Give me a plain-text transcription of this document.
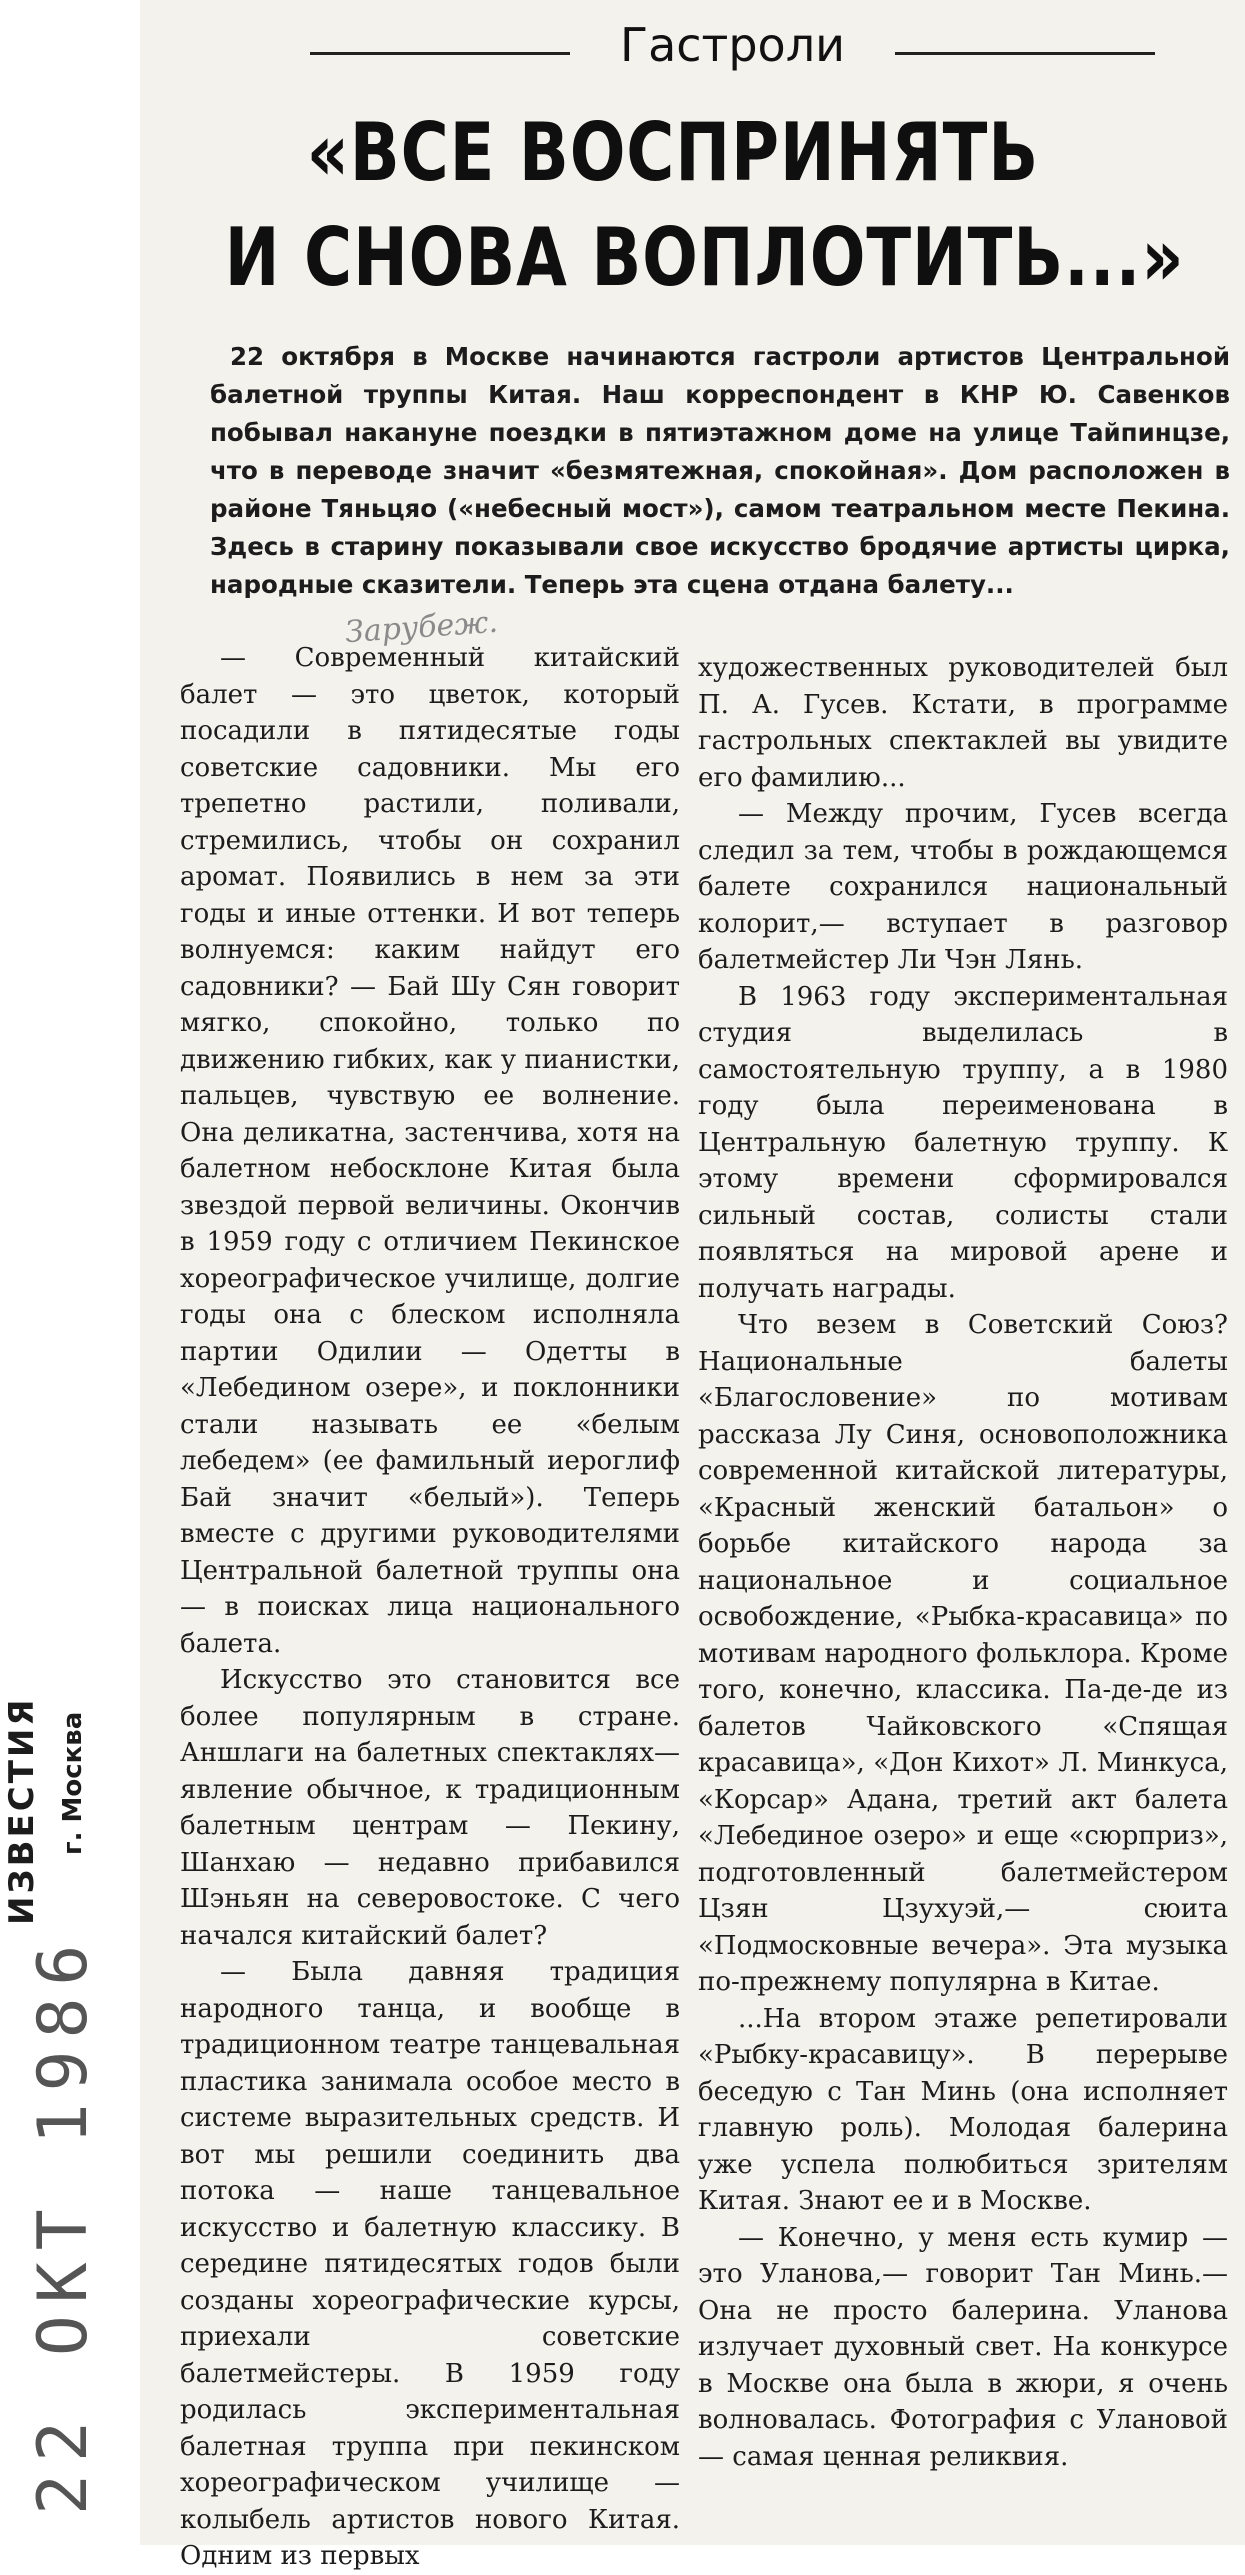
Гастроли
«ВСЕ ВОСПРИНЯТЬ
И СНОВА ВОПЛОТИТЬ...»
22 октября в Москве начинаются гастроли артистов Центральной балетной труппы Китая. Наш корреспондент в КНР Ю. Савенков побывал накануне поездки в пятиэтажном доме на улице Тайпинцзе, что в переводе значит «безмятежная, спокойная». Дом расположен в районе Тяньцяо («небесный мост»), самом театральном месте Пекина. Здесь в старину показывали свое искусство бродячие артисты цирка, народные сказители. Теперь эта сцена отдана балету...
Зарубеж.

— Современный китайский балет — это цветок, который посадили в пятидесятые годы советские садовники. Мы его трепетно растили, поливали, стремились, чтобы он сохранил аромат. Появились в нем за эти годы и иные оттенки. И вот теперь волнуемся: каким найдут его садовники? — Бай Шу Сян говорит мягко, спокойно, только по движению гибких, как у пианистки, пальцев, чувствую ее волнение. Она деликатна, застенчива, хотя на балетном небосклоне Китая была звездой первой величины. Окончив в 1959 году с отличием Пекинское хореографическое училище, долгие годы она с блеском исполняла партии Одилии — Одетты в «Лебедином озере», и поклонники стали называть ее «белым лебедем» (ее фамильный иероглиф Бай значит «белый»). Теперь вместе с другими руководителями Центральной балетной труппы она — в поисках лица национального балета.

Искусство это становится все более популярным в стране. Аншлаги на балетных спектаклях—явление обычное, к традиционным балетным центрам — Пекину, Шанхаю — недавно прибавился Шэньян на северовостоке. С чего начался китайский балет?

— Была давняя традиция народного танца, и вообще в традиционном театре танцевальная пластика занимала особое место в системе выразительных средств. И вот мы решили соединить два потока — наше танцевальное искусство и балетную классику. В середине пятидесятых годов были созданы хореографические курсы, приехали советские балетмейстеры. В 1959 году родилась экспериментальная балетная труппа при пекинском хореографическом училище — колыбель артистов нового Китая. Одним из первых

художественных руководителей был П. А. Гусев. Кстати, в программе гастрольных спектаклей вы увидите его фамилию...

— Между прочим, Гусев всегда следил за тем, чтобы в рождающемся балете сохранился национальный колорит,— вступает в разговор балетмейстер Ли Чэн Лянь.

В 1963 году экспериментальная студия выделилась в самостоятельную труппу, а в 1980 году была переименована в Центральную балетную труппу. К этому времени сформировался сильный состав, солисты стали появляться на мировой арене и получать награды.

Что везем в Советский Союз? Национальные балеты «Благословение» по мотивам рассказа Лу Синя, основоположника современной китайской литературы, «Красный женский батальон» о борьбе китайского народа за национальное и социальное освобождение, «Рыбка-красавица» по мотивам народного фольклора. Кроме того, конечно, классика. Па-де-де из балетов Чайковского «Спящая красавица», «Дон Кихот» Л. Минкуса, «Корсар» Адана, третий акт балета «Лебединое озеро» и еще «сюрприз», подготовленный балетмейстером Цзян Цзухуэй,— сюита «Подмосковные вечера». Эта музыка по-прежнему популярна в Китае.

...На втором этаже репетировали «Рыбку-красавицу». В перерыве беседую с Тан Минь (она исполняет главную роль). Молодая балерина уже успела полюбиться зрителям Китая. Знают ее и в Москве.

— Конечно, у меня есть кумир — это Уланова,— говорит Тан Минь.— Она не просто балерина. Уланова излучает духовный свет. На конкурсе в Москве она была в жюри, я очень волновалась. Фотография с Улановой — самая ценная реликвия.

г. Москва
22 ОКТ 1986
